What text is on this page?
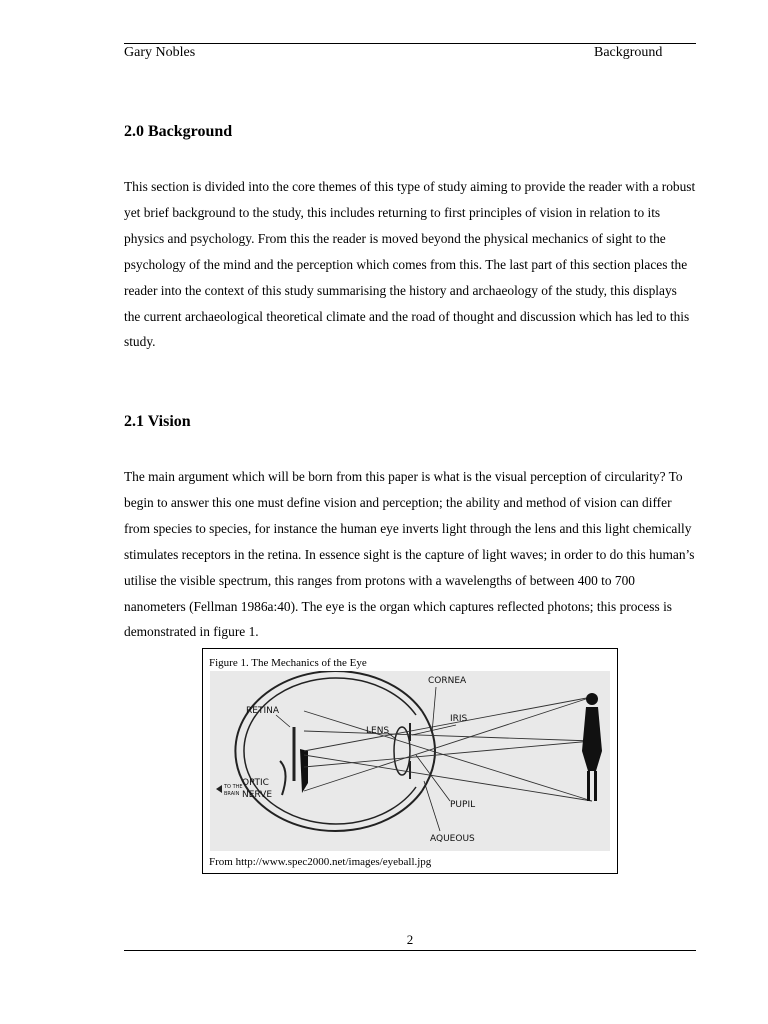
Gary Nobles	Background
2.0 Background

This section is divided into the core themes of this type of study aiming to provide the reader with a robust yet brief background to the study, this includes returning to first principles of vision in relation to its physics and psychology. From this the reader is moved beyond the physical mechanics of sight to the psychology of the mind and the perception which comes from this. The last part of this section places the reader into the context of this study summarising the history and archaeology of the study, this displays the current archaeological theoretical climate and the road of thought and discussion which has led to this study.

2.1 Vision

The main argument which will be born from this paper is what is the visual perception of circularity? To begin to answer this one must define vision and perception; the ability and method of vision can differ from species to species, for instance the human eye inverts light through the lens and this light chemically stimulates receptors in the retina. In essence sight is the capture of light waves; in order to do this human’s utilise the visible spectrum, this ranges from protons with a wavelengths of between 400 to 700 nanometers (Fellman 1986a:40). The eye is the organ which captures reflected photons; this process is demonstrated in figure 1.

Figure 1. The Mechanics of the Eye
CORNEA
RETINA
LENS
IRIS
OPTIC
NERVE
TO THE
BRAIN
PUPIL
AQUEOUS
From http://www.spec2000.net/images/eyeball.jpg
2
